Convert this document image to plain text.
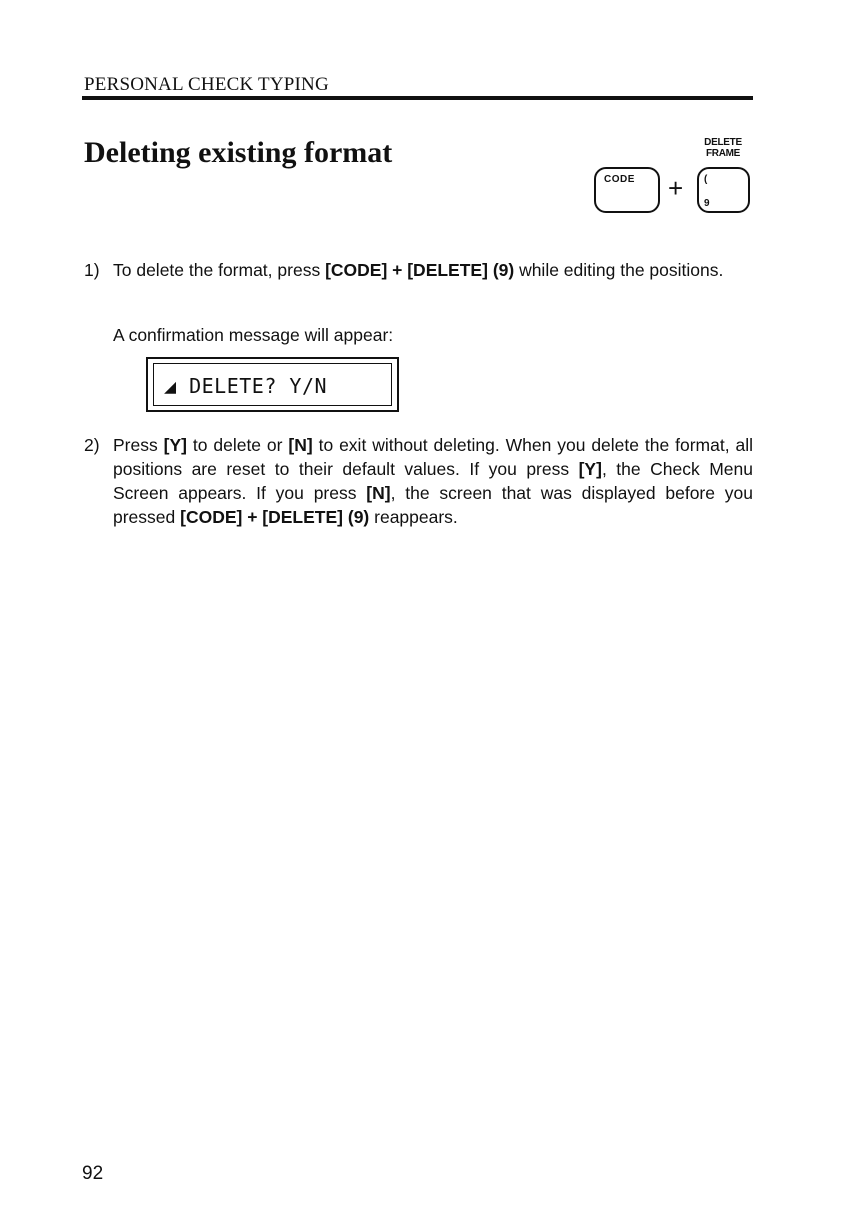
PERSONAL CHECK TYPING
Deleting existing format	DELETE
FRAME
CODE + (
9
1) To delete the format, press [CODE] + [DELETE] (9) while editing the positions.
A confirmation message will appear:
◢ DELETE? Y/N
2) Press [Y] to delete or [N] to exit without deleting. When you delete the format, all positions are reset to their default values. If you press [Y], the Check Menu Screen appears. If you press [N], the screen that was displayed before you pressed [CODE] + [DELETE] (9) reappears.
92
